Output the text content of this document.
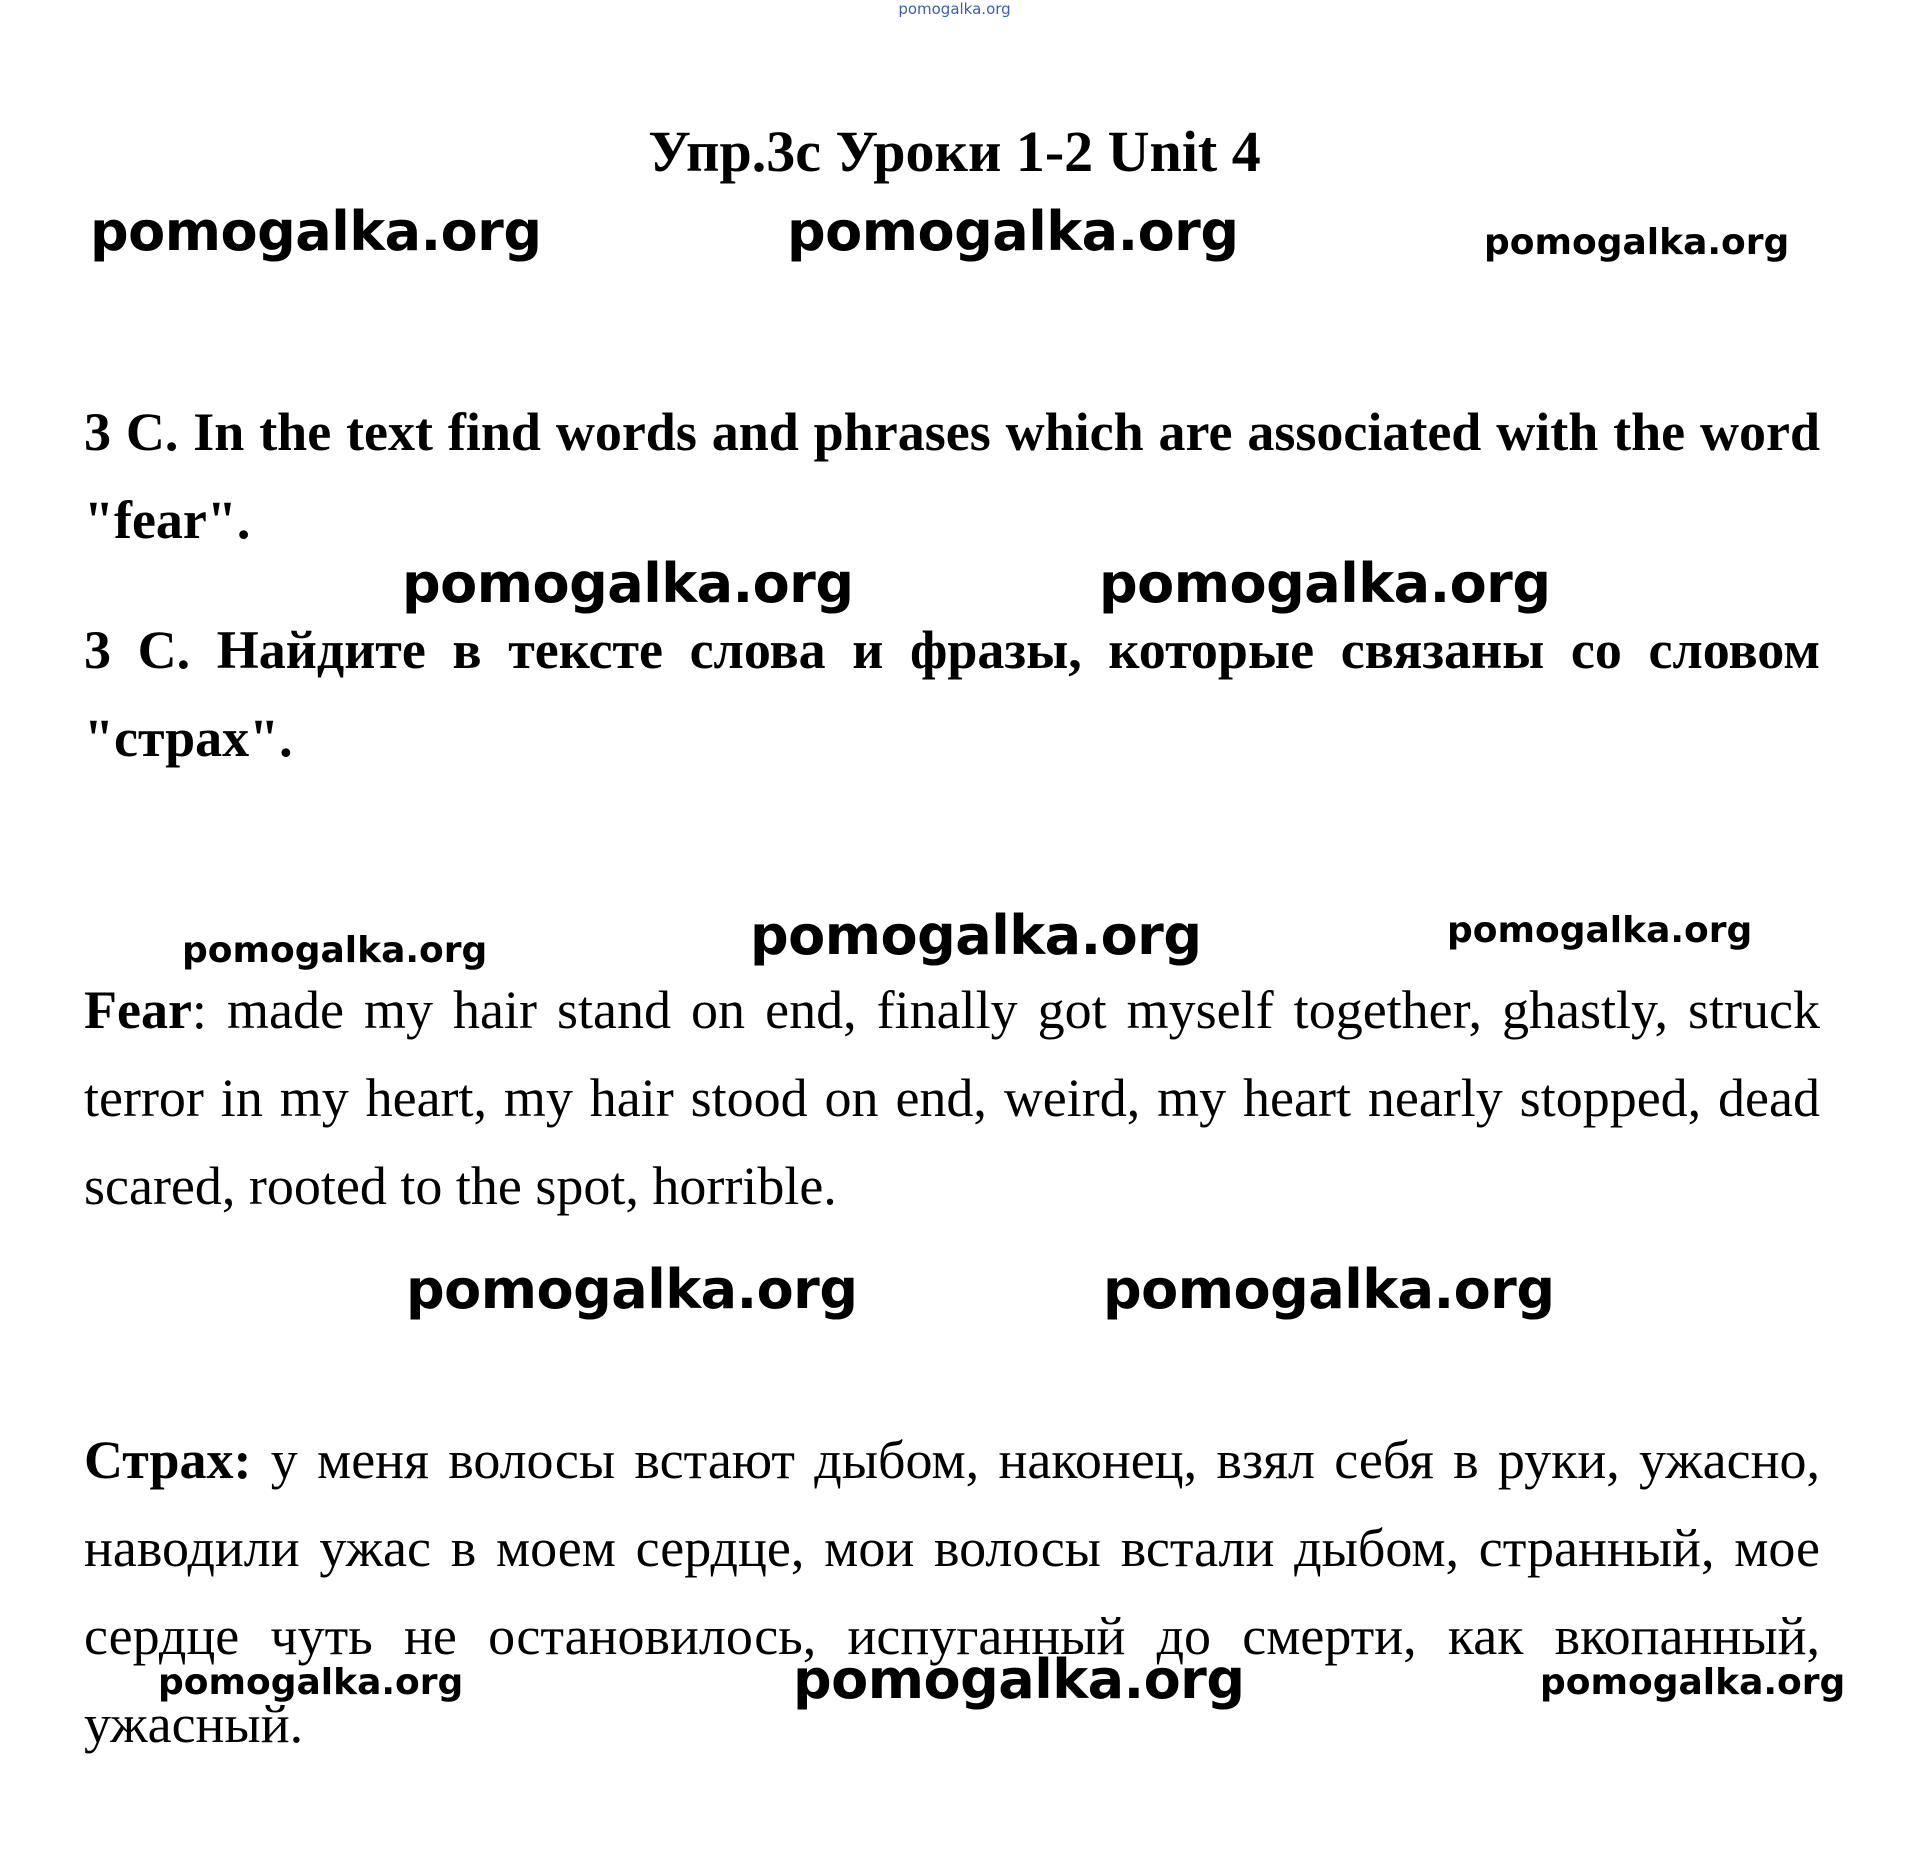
pomogalka.org
Упр.3с Уроки 1-2 Unit 4
pomogalka.org	pomogalka.org	pomogalka.org
3 C. In the text find words and phrases which are associated with the word "fear".
pomogalka.org	pomogalka.org
3 С. Найдите в тексте слова и фразы, которые связаны со словом "страх".
pomogalka.org	pomogalka.org	pomogalka.org
Fear: made my hair stand on end, finally got myself together, ghastly, struck terror in my heart, my hair stood on end, weird, my heart nearly stopped, dead scared, rooted to the spot, horrible.
pomogalka.org	pomogalka.org
Страх: у меня волосы встают дыбом, наконец, взял себя в руки, ужасно, наводили ужас в моем сердце, мои волосы встали дыбом, странный, мое сердце чуть не остановилось, испуганный до смерти, как вкопанный, ужасный.
pomogalka.org	pomogalka.org	pomogalka.org
